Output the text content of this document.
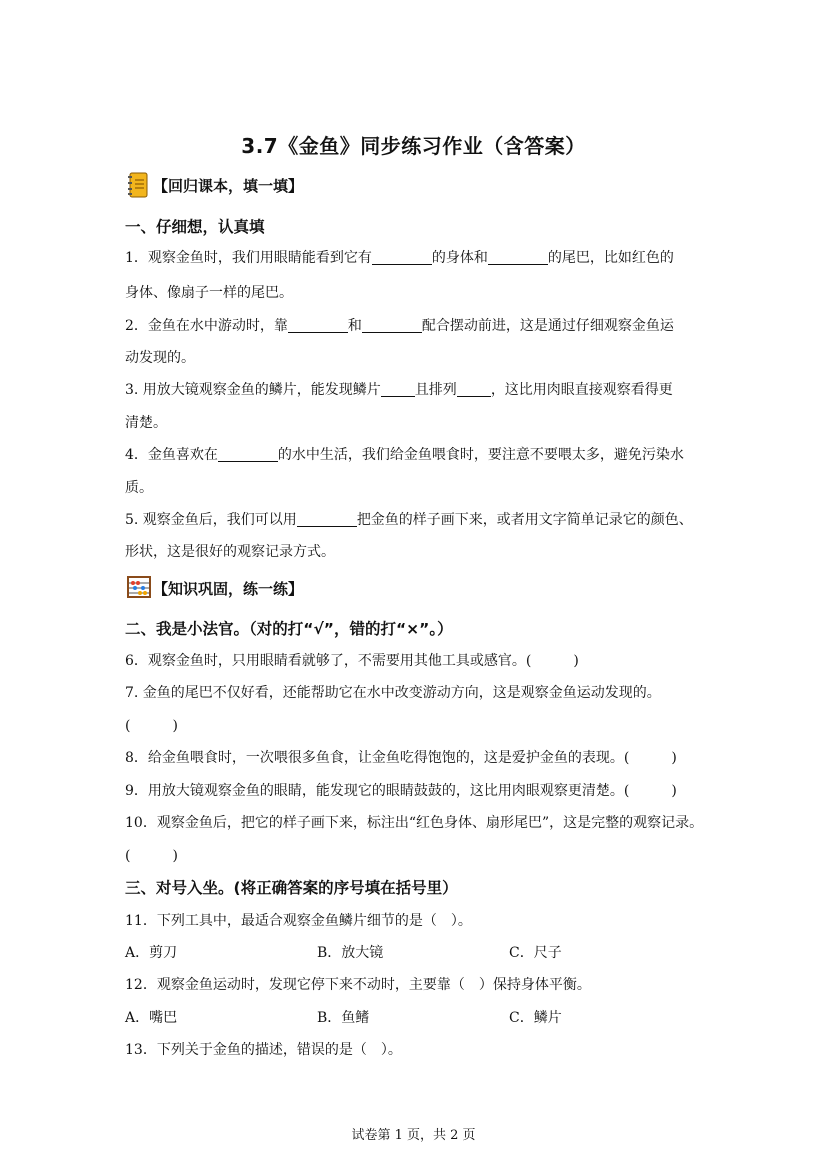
3.7《金鱼》同步练习作业（含答案）
【回归课本，填一填】
一、仔细想，认真填
1．观察金鱼时，我们用眼睛能看到它有	的身体和	的尾巴，比如红色的
身体、像扇子一样的尾巴。
2．金鱼在水中游动时，靠	和	配合摆动前进，这是通过仔细观察金鱼运
动发现的。
3. 用放大镜观察金鱼的鳞片，能发现鳞片 且排列 ，这比用肉眼直接观察看得更
清楚。
4．金鱼喜欢在	的水中生活，我们给金鱼喂食时，要注意不要喂太多，避免污染水
质。
5. 观察金鱼后，我们可以用	把金鱼的样子画下来，或者用文字简单记录它的颜色、
形状，这是很好的观察记录方式。
【知识巩固，练一练】
二、我是小法官。（对的打“√”，错的打“×”。）
6．观察金鱼时，只用眼睛看就够了，不需要用其他工具或感官。(　　　)
7. 金鱼的尾巴不仅好看，还能帮助它在水中改变游动方向，这是观察金鱼运动发现的。
(　　　)
8．给金鱼喂食时，一次喂很多鱼食，让金鱼吃得饱饱的，这是爱护金鱼的表现。(　　　)
9．用放大镜观察金鱼的眼睛，能发现它的眼睛鼓鼓的，这比用肉眼观察更清楚。(　　　)
10．观察金鱼后，把它的样子画下来，标注出“红色身体、扇形尾巴”，这是完整的观察记录。
(　　　)
三、对号入坐。(将正确答案的序号填在括号里）
11．下列工具中，最适合观察金鱼鳞片细节的是（　）。
A．剪刀	B．放大镜	C．尺子
12．观察金鱼运动时，发现它停下来不动时，主要靠（　）保持身体平衡。
A．嘴巴	B．鱼鳍	C．鳞片
13．下列关于金鱼的描述，错误的是（　）。
试卷第 1 页，共 2 页
